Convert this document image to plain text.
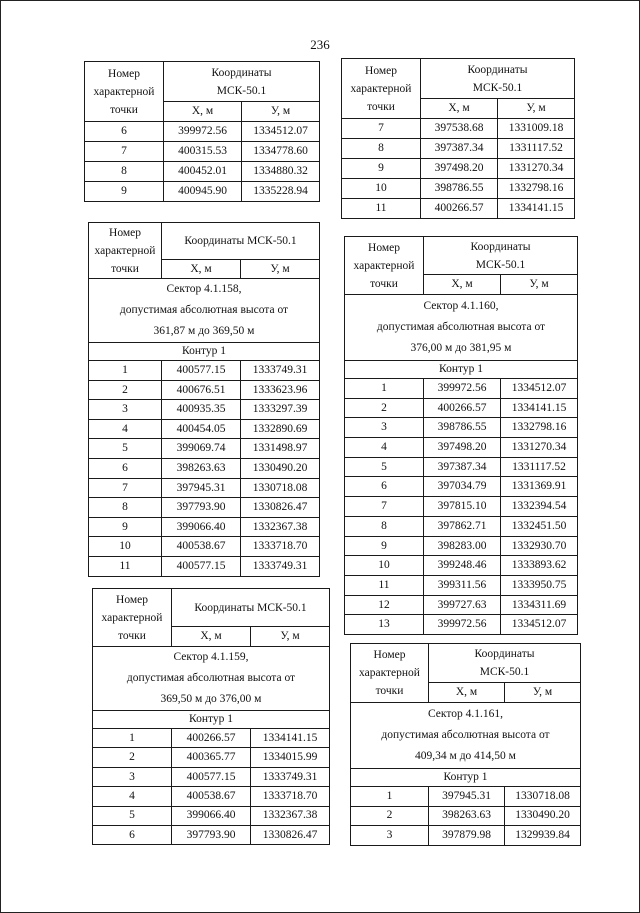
236
Номер характерной точки	Координаты МСК-50.1	
	X, м	У, м
6	399972.56	1334512.07
7	400315.53	1334778.60
8	400452.01	1334880.32
9	400945.90	1335228.94
Номер характерной точки	Координаты МСК-50.1	
	X, м	У, м
7	397538.68	1331009.18
8	397387.34	1331117.52
9	397498.20	1331270.34
10	398786.55	1332798.16
11	400266.57	1334141.15
Номер характерной точки	Координаты МСК-50.1	
	X, м	У, м

Сектор 4.1.158,
допустимая абсолютная высота от
361,87 м до 369,50 м		

Контур 1		
1	400577.15	1333749.31
2	400676.51	1333623.96
3	400935.35	1333297.39
4	400454.05	1332890.69
5	399069.74	1331498.97
6	398263.63	1330490.20
7	397945.31	1330718.08
8	397793.90	1330826.47
9	399066.40	1332367.38
10	400538.67	1333718.70
11	400577.15	1333749.31
Номер характерной точки	Координаты МСК-50.1	
	X, м	У, м

Сектор 4.1.160,
допустимая абсолютная высота от
376,00 м до 381,95 м		

Контур 1		
1	399972.56	1334512.07
2	400266.57	1334141.15
3	398786.55	1332798.16
4	397498.20	1331270.34
5	397387.34	1331117.52
6	397034.79	1331369.91
7	397815.10	1332394.54
8	397862.71	1332451.50
9	398283.00	1332930.70
10	399248.46	1333893.62
11	399311.56	1333950.75
12	399727.63	1334311.69
13	399972.56	1334512.07
Номер характерной точки	Координаты МСК-50.1	
	X, м	У, м

Сектор 4.1.159,
допустимая абсолютная высота от
369,50 м до 376,00 м		

Контур 1		
1	400266.57	1334141.15
2	400365.77	1334015.99
3	400577.15	1333749.31
4	400538.67	1333718.70
5	399066.40	1332367.38
6	397793.90	1330826.47
Номер характерной точки	Координаты МСК-50.1	
	X, м	У, м

Сектор 4.1.161,
допустимая абсолютная высота от
409,34 м до 414,50 м		

Контур 1		
1	397945.31	1330718.08
2	398263.63	1330490.20
3	397879.98	1329939.84
